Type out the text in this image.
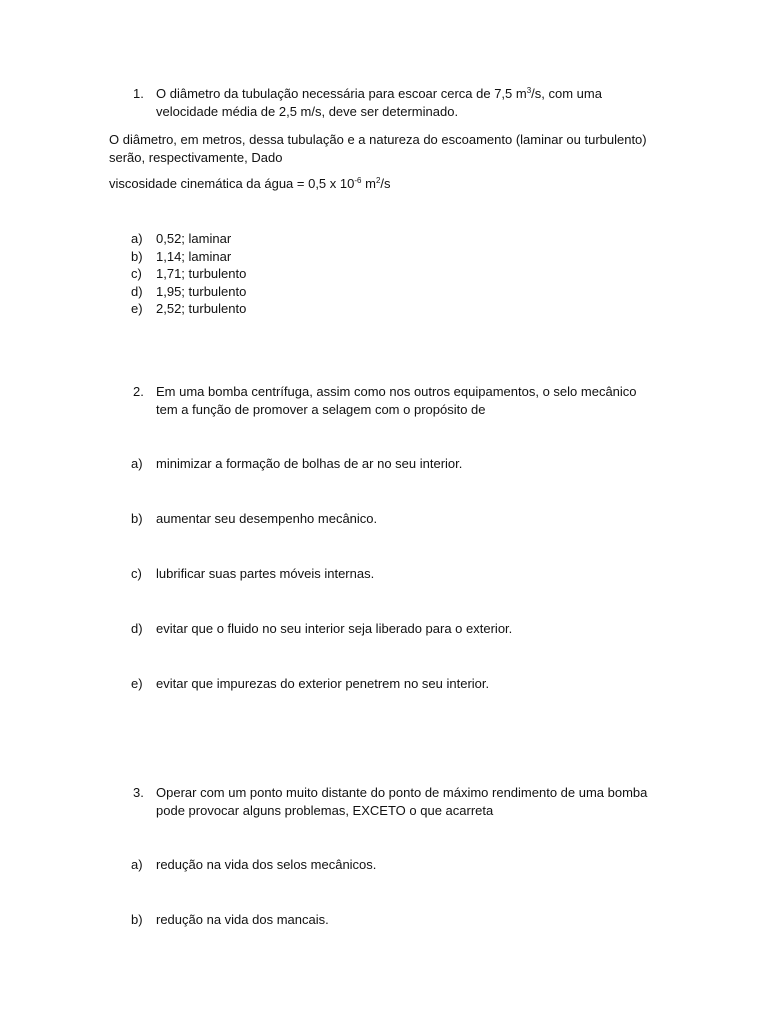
1. O diâmetro da tubulação necessária para escoar cerca de 7,5 $m^3/s$, com uma velocidade média de 2,5 m/s, deve ser determinado.
O diâmetro, em metros, dessa tubulação e a natureza do escoamento (laminar ou turbulento)
serão, respectivamente, Dado
viscosidade cinemática da água = 0,5 x $10^{-6}$ $m^2/s$
a) 0,52; laminar
b) 1,14; laminar
c) 1,71; turbulento
d) 1,95; turbulento
e) 2,52; turbulento
2. Em uma bomba centrífuga, assim como nos outros equipamentos, o selo mecânico tem a função de promover a selagem com o propósito de
a) minimizar a formação de bolhas de ar no seu interior.
b) aumentar seu desempenho mecânico.
c) lubrificar suas partes móveis internas.
d) evitar que o fluido no seu interior seja liberado para o exterior.
e) evitar que impurezas do exterior penetrem no seu interior.
3. Operar com um ponto muito distante do ponto de máximo rendimento de uma bomba pode provocar alguns problemas, EXCETO o que acarreta
a) redução na vida dos selos mecânicos.
b) redução na vida dos mancais.
